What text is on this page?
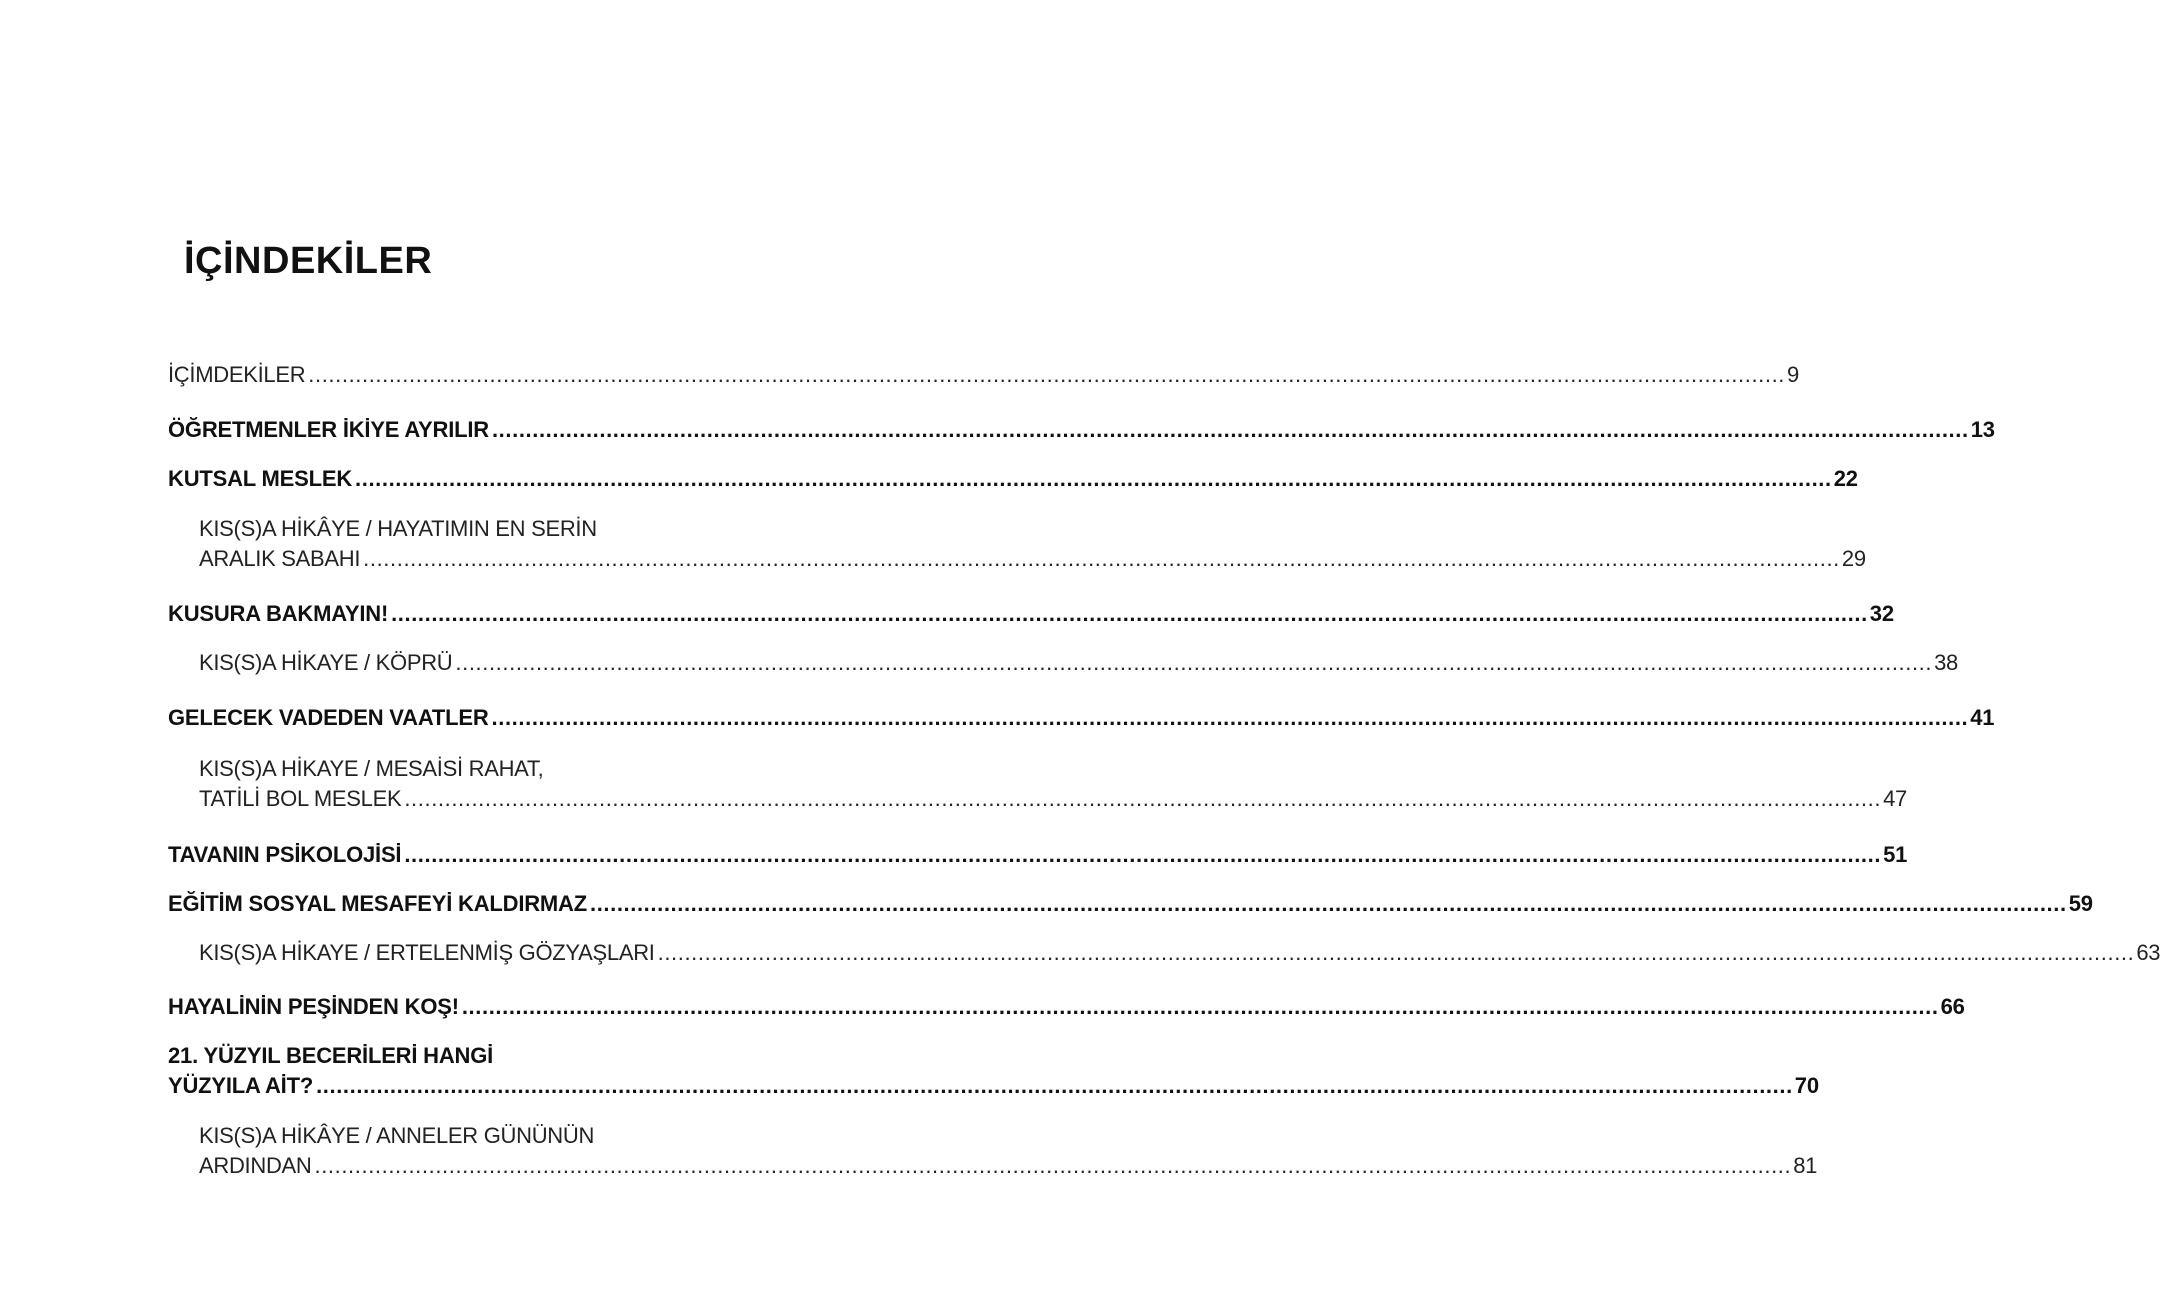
İÇİNDEKİLER
İÇİMDEKİLER ............................................................................................................................................................................................................................ 9
ÖĞRETMENLER İKİYE AYRILIR ............................................................................................................................................................................................................................ 13
KUTSAL MESLEK ............................................................................................................................................................................................................................ 22
KIS(S)A HİKÂYE / HAYATIMIN EN SERİN
ARALIK SABAHI ............................................................................................................................................................................................................................ 29
KUSURA BAKMAYIN! ............................................................................................................................................................................................................................ 32
KIS(S)A HİKAYE / KÖPRÜ ............................................................................................................................................................................................................................ 38
GELECEK VADEDEN VAATLER ............................................................................................................................................................................................................................ 41
KIS(S)A HİKAYE / MESAİSİ RAHAT,
TATİLİ BOL MESLEK ............................................................................................................................................................................................................................ 47
TAVANIN PSİKOLOJİSİ ............................................................................................................................................................................................................................ 51
EĞİTİM SOSYAL MESAFEYİ KALDIRMAZ ............................................................................................................................................................................................................................ 59
KIS(S)A HİKAYE / ERTELENMİŞ GÖZYAŞLARI ............................................................................................................................................................................................................................ 63
HAYALİNİN PEŞİNDEN KOŞ! ............................................................................................................................................................................................................................ 66
21. YÜZYIL BECERİLERİ HANGİ
YÜZYILA AİT? ............................................................................................................................................................................................................................ 70
KIS(S)A HİKÂYE / ANNELER GÜNÜNÜN
ARDINDAN ............................................................................................................................................................................................................................ 81
